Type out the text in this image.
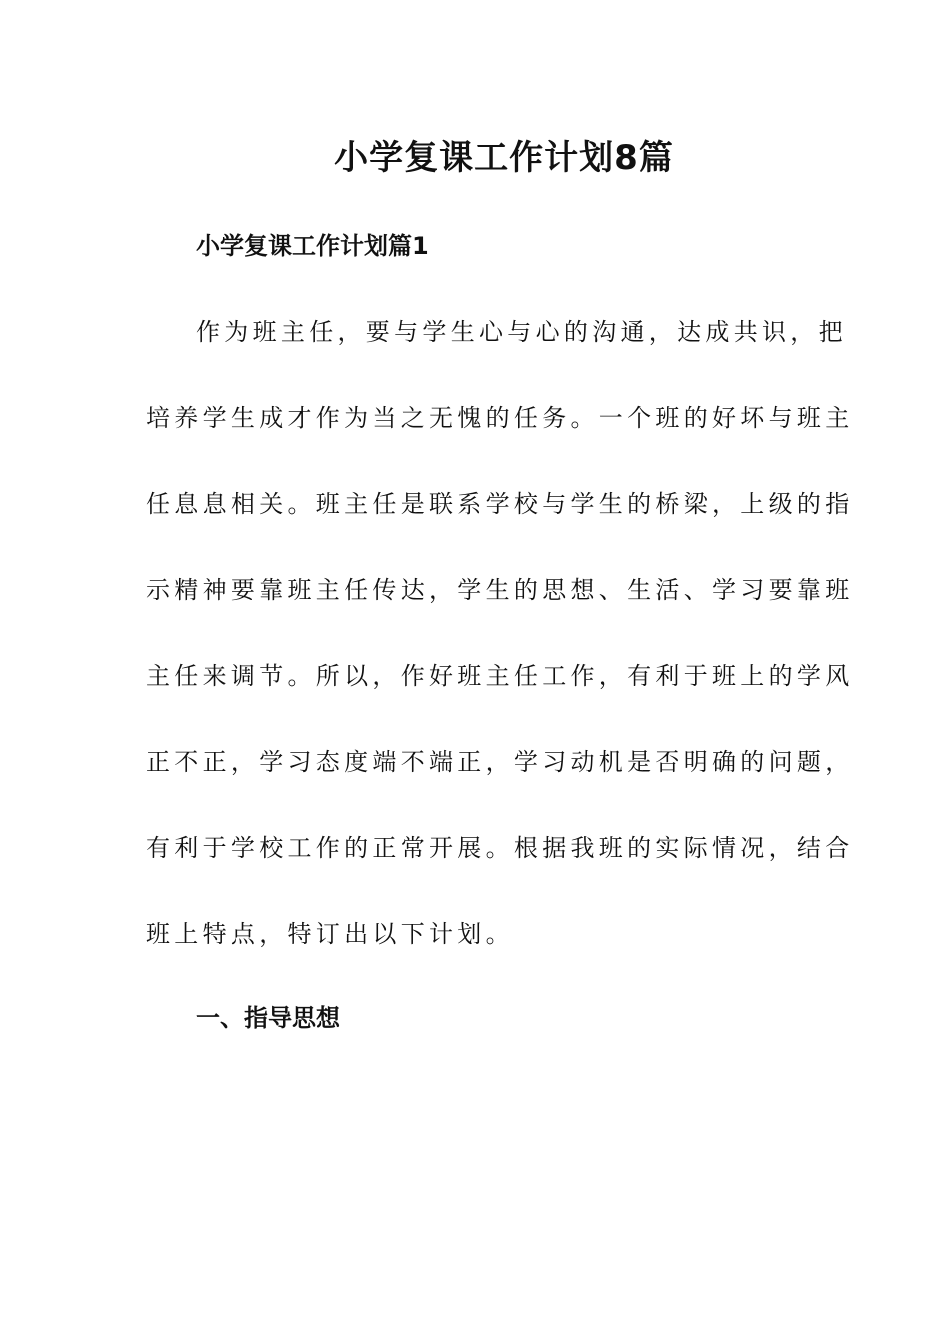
小学复课工作计划8篇
小学复课工作计划篇1
作为班主任，要与学生心与心的沟通，达成共识，把
培养学生成才作为当之无愧的任务。一个班的好坏与班主
任息息相关。班主任是联系学校与学生的桥梁，上级的指
示精神要靠班主任传达，学生的思想、生活、学习要靠班
主任来调节。所以，作好班主任工作，有利于班上的学风
正不正，学习态度端不端正，学习动机是否明确的问题，
有利于学校工作的正常开展。根据我班的实际情况，结合
班上特点，特订出以下计划。
一、指导思想
